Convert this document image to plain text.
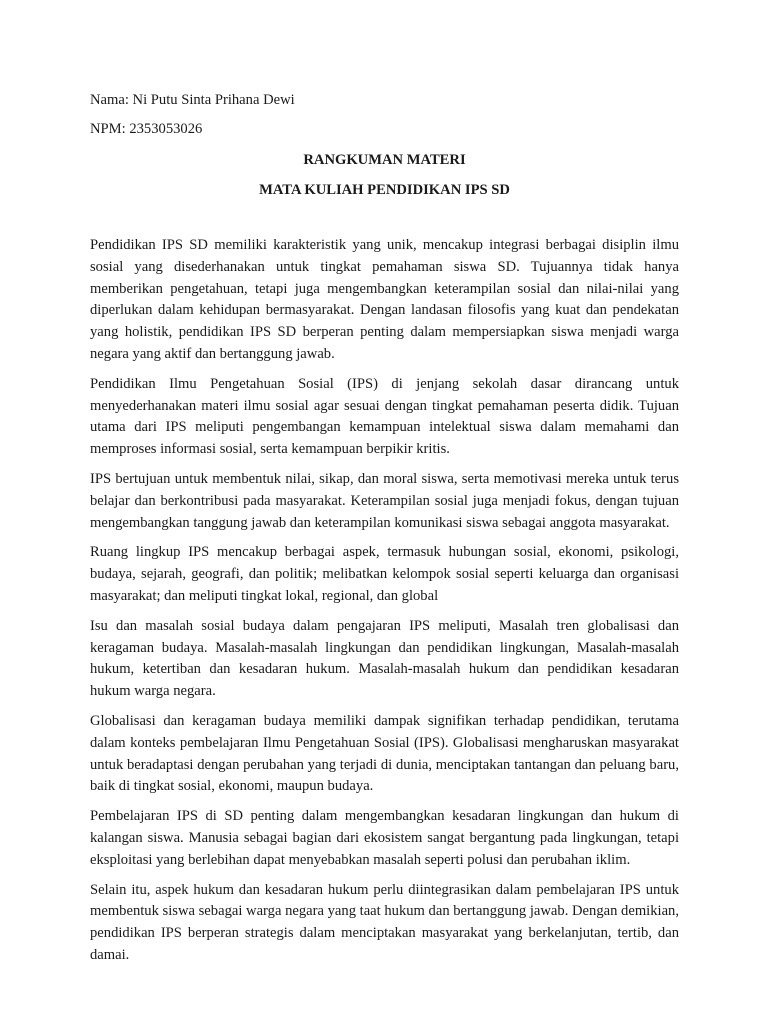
Nama: Ni Putu Sinta Prihana Dewi

NPM: 2353053026

RANGKUMAN MATERI

MATA KULIAH PENDIDIKAN IPS SD

Pendidikan IPS SD memiliki karakteristik yang unik, mencakup integrasi berbagai disiplin ilmu sosial yang disederhanakan untuk tingkat pemahaman siswa SD. Tujuannya tidak hanya memberikan pengetahuan, tetapi juga mengembangkan keterampilan sosial dan nilai-nilai yang diperlukan dalam kehidupan bermasyarakat. Dengan landasan filosofis yang kuat dan pendekatan yang holistik, pendidikan IPS SD berperan penting dalam mempersiapkan siswa menjadi warga negara yang aktif dan bertanggung jawab.

Pendidikan Ilmu Pengetahuan Sosial (IPS) di jenjang sekolah dasar dirancang untuk menyederhanakan materi ilmu sosial agar sesuai dengan tingkat pemahaman peserta didik. Tujuan utama dari IPS meliputi pengembangan kemampuan intelektual siswa dalam memahami dan memproses informasi sosial, serta kemampuan berpikir kritis.

IPS bertujuan untuk membentuk nilai, sikap, dan moral siswa, serta memotivasi mereka untuk terus belajar dan berkontribusi pada masyarakat. Keterampilan sosial juga menjadi fokus, dengan tujuan mengembangkan tanggung jawab dan keterampilan komunikasi siswa sebagai anggota masyarakat.

Ruang lingkup IPS mencakup berbagai aspek, termasuk hubungan sosial, ekonomi, psikologi, budaya, sejarah, geografi, dan politik; melibatkan kelompok sosial seperti keluarga dan organisasi masyarakat; dan meliputi tingkat lokal, regional, dan global

Isu dan masalah sosial budaya dalam pengajaran IPS meliputi, Masalah tren globalisasi dan keragaman budaya. Masalah-masalah lingkungan dan pendidikan lingkungan, Masalah-masalah hukum, ketertiban dan kesadaran hukum. Masalah-masalah hukum dan pendidikan kesadaran hukum warga negara.

Globalisasi dan keragaman budaya memiliki dampak signifikan terhadap pendidikan, terutama dalam konteks pembelajaran Ilmu Pengetahuan Sosial (IPS). Globalisasi mengharuskan masyarakat untuk beradaptasi dengan perubahan yang terjadi di dunia, menciptakan tantangan dan peluang baru, baik di tingkat sosial, ekonomi, maupun budaya.

Pembelajaran IPS di SD penting dalam mengembangkan kesadaran lingkungan dan hukum di kalangan siswa. Manusia sebagai bagian dari ekosistem sangat bergantung pada lingkungan, tetapi eksploitasi yang berlebihan dapat menyebabkan masalah seperti polusi dan perubahan iklim.

Selain itu, aspek hukum dan kesadaran hukum perlu diintegrasikan dalam pembelajaran IPS untuk membentuk siswa sebagai warga negara yang taat hukum dan bertanggung jawab. Dengan demikian, pendidikan IPS berperan strategis dalam menciptakan masyarakat yang berkelanjutan, tertib, dan damai.
